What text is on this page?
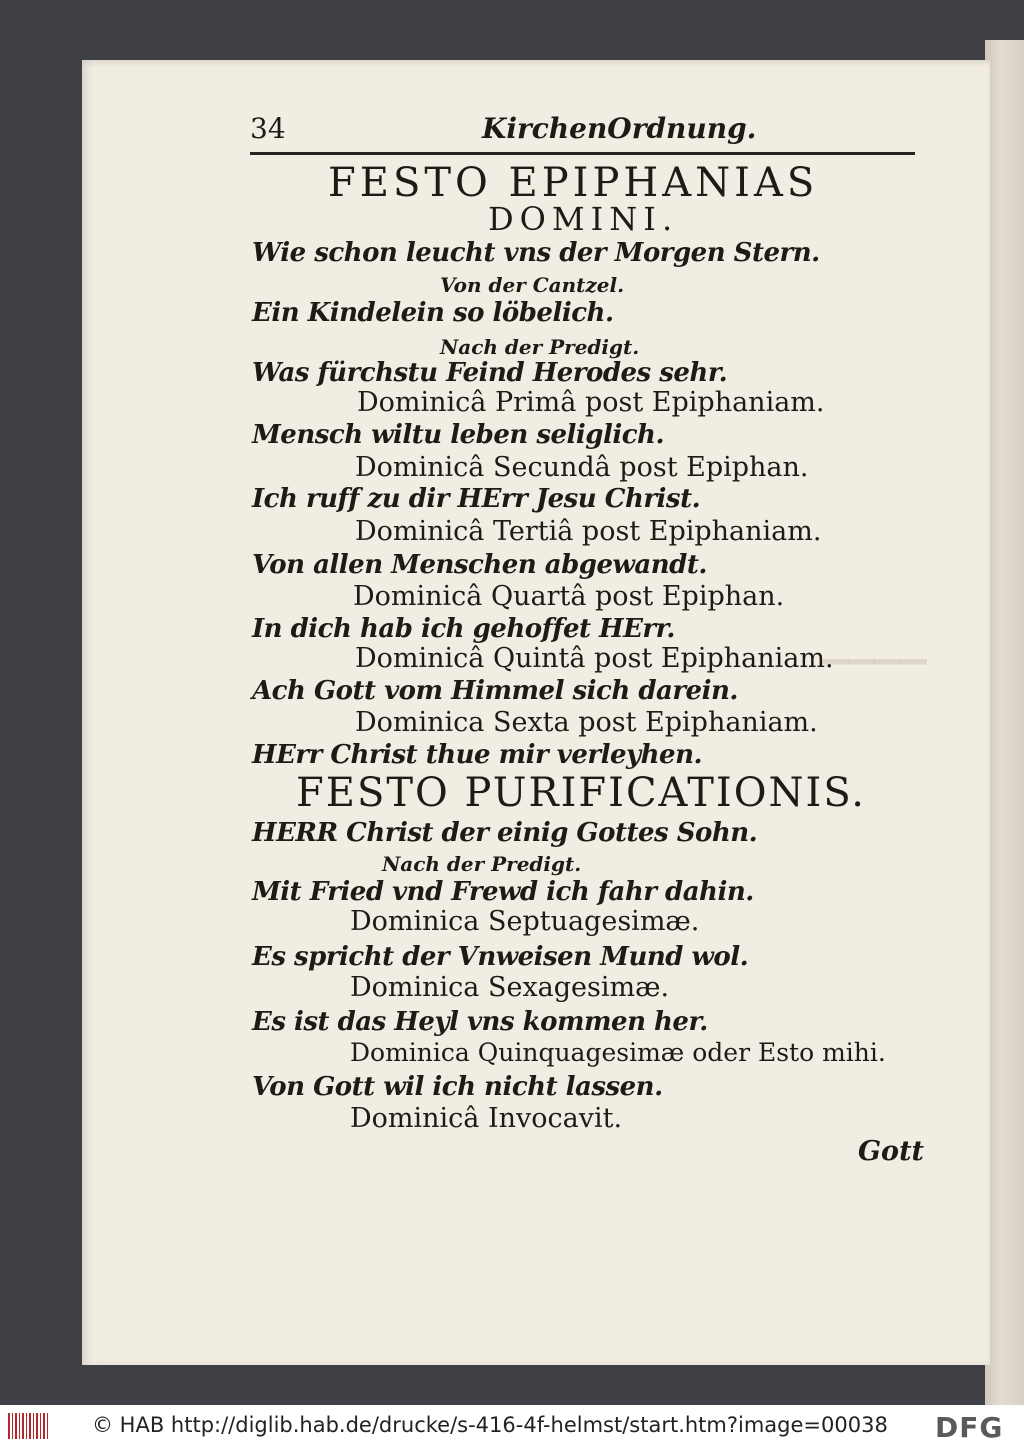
▔▔▔▔
34	KirchenOrdnung.
FESTO EPIPHANIAS
DOMINI.
Wie schon leucht vns der Morgen Stern.
Von der Cantzel.
Ein Kindelein so löbelich.
Nach der Predigt.
Was fürchstu Feind Herodes sehr.
Dominicâ Primâ post Epiphaniam.
Mensch wiltu leben seliglich.
Dominicâ Secundâ post Epiphan.
Ich ruff zu dir HErr Jesu Christ.
Dominicâ Tertiâ post Epiphaniam.
Von allen Menschen abgewandt.
Dominicâ Quartâ post Epiphan.
In dich hab ich gehoffet HErr.
Dominicâ Quintâ post Epiphaniam.
Ach Gott vom Himmel sich darein.
Dominica Sexta post Epiphaniam.
HErr Christ thue mir verleyhen.
FESTO PURIFICATIONIS.
HERR Christ der einig Gottes Sohn.
Nach der Predigt.
Mit Fried vnd Frewd ich fahr dahin.
Dominica Septuagesimæ.
Es spricht der Vnweisen Mund wol.
Dominica Sexagesimæ.
Es ist das Heyl vns kommen her.
Dominica Quinquagesimæ oder Esto mihi.
Von Gott wil ich nicht lassen.
Dominicâ Invocavit.
Gott
© HAB http://diglib.hab.de/drucke/s-416-4f-helmst/start.htm?image=00038 DFG
